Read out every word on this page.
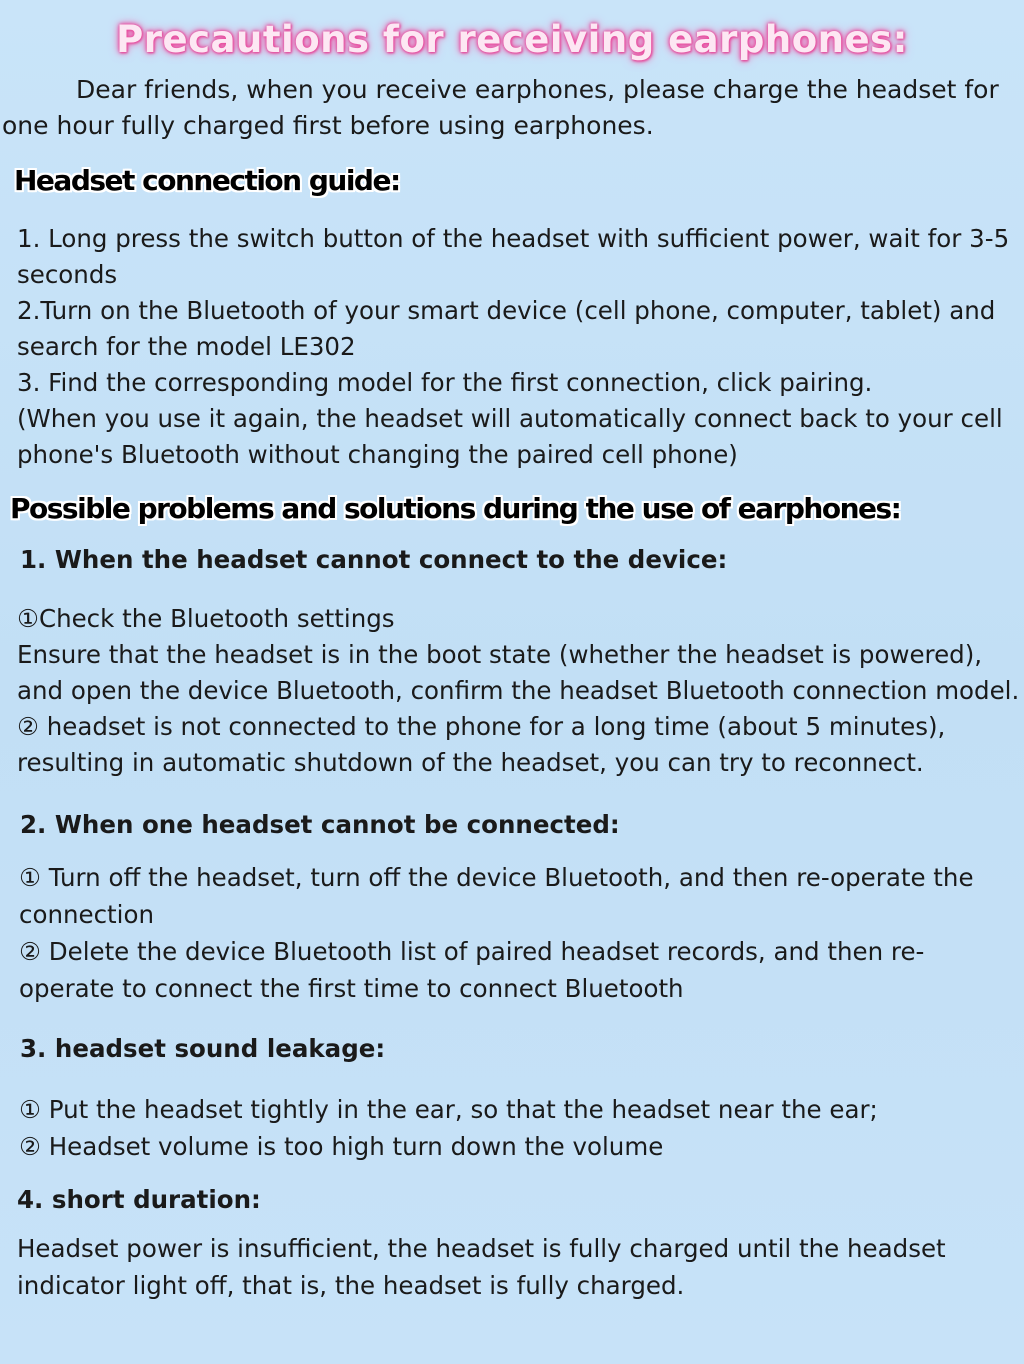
Precautions for receiving earphones:
Dear friends, when you receive earphones, please charge the headset for one hour fully charged first before using earphones.
Headset connection guide:
1. Long press the switch button of the headset with sufficient power, wait for 3-5 seconds
2.Turn on the Bluetooth of your smart device (cell phone, computer, tablet) and search for the model LE302
3. Find the corresponding model for the first connection, click pairing.
(When you use it again, the headset will automatically connect back to your cell phone's Bluetooth without changing the paired cell phone)
Possible problems and solutions during the use of earphones:
1. When the headset cannot connect to the device:
①Check the Bluetooth settings
Ensure that the headset is in the boot state (whether the headset is powered), and open the device Bluetooth, confirm the headset Bluetooth connection model.
② headset is not connected to the phone for a long time (about 5 minutes), resulting in automatic shutdown of the headset, you can try to reconnect.
2. When one headset cannot be connected:
① Turn off the headset, turn off the device Bluetooth, and then re-operate the connection
② Delete the device Bluetooth list of paired headset records, and then re-operate to connect the first time to connect Bluetooth
3. headset sound leakage:
① Put the headset tightly in the ear, so that the headset near the ear;
② Headset volume is too high turn down the volume
4. short duration:
Headset power is insufficient, the headset is fully charged until the headset indicator light off, that is, the headset is fully charged.
